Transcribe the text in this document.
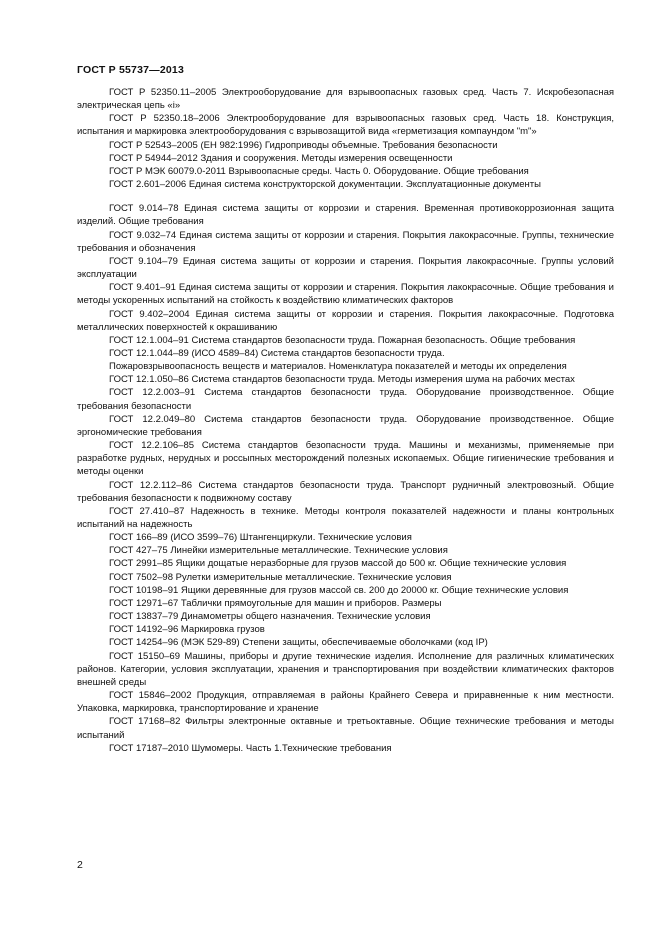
ГОСТ Р 55737—2013

ГОСТ Р 52350.11–2005 Электрооборудование для взрывоопасных газовых сред. Часть 7. Искробезопасная электрическая цепь «i»

ГОСТ Р 52350.18–2006 Электрооборудование для взрывоопасных газовых сред. Часть 18. Конструкция, испытания и маркировка электрооборудования с взрывозащитой вида «герметизация компаундом "m"»

ГОСТ Р 52543–2005 (ЕН 982:1996) Гидроприводы объемные. Требования безопасности

ГОСТ Р 54944–2012 Здания и сооружения. Методы измерения освещенности

ГОСТ Р МЭК 60079.0-2011 Взрывоопасные среды. Часть 0. Оборудование. Общие требования

ГОСТ 2.601–2006 Единая система конструкторской документации. Эксплуатационные документы

ГОСТ 9.014–78 Единая система защиты от коррозии и старения. Временная противокоррозионная защита изделий. Общие требования

ГОСТ 9.032–74 Единая система защиты от коррозии и старения. Покрытия лакокрасочные. Группы, технические требования и обозначения

ГОСТ 9.104–79 Единая система защиты от коррозии и старения. Покрытия лакокрасочные. Группы условий эксплуатации

ГОСТ 9.401–91 Единая система защиты от коррозии и старения. Покрытия лакокрасочные. Общие требования и методы ускоренных испытаний на стойкость к воздействию климатических факторов

ГОСТ 9.402–2004 Единая система защиты от коррозии и старения. Покрытия лакокрасочные. Подготовка металлических поверхностей к окрашиванию

ГОСТ 12.1.004–91 Система стандартов безопасности труда. Пожарная безопасность. Общие требования

ГОСТ 12.1.044–89 (ИСО 4589–84) Система стандартов безопасности труда.

Пожаровзрывоопасность веществ и материалов. Номенклатура показателей и методы их определения

ГОСТ 12.1.050–86 Система стандартов безопасности труда. Методы измерения шума на рабочих местах

ГОСТ 12.2.003–91 Система стандартов безопасности труда. Оборудование производственное. Общие требования безопасности

ГОСТ 12.2.049–80 Система стандартов безопасности труда. Оборудование производственное. Общие эргономические требования

ГОСТ 12.2.106–85 Система стандартов безопасности труда. Машины и механизмы, применяемые при разработке рудных, нерудных и россыпных месторождений полезных ископаемых. Общие гигиенические требования и методы оценки

ГОСТ 12.2.112–86 Система стандартов безопасности труда. Транспорт рудничный электровозный. Общие требования безопасности к подвижному составу

ГОСТ 27.410–87 Надежность в технике. Методы контроля показателей надежности и планы контрольных испытаний на надежность

ГОСТ 166–89 (ИСО 3599–76) Штангенциркули. Технические условия

ГОСТ 427–75 Линейки измерительные металлические. Технические условия

ГОСТ 2991–85 Ящики дощатые неразборные для грузов массой до 500 кг. Общие технические условия

ГОСТ 7502–98 Рулетки измерительные металлические. Технические условия

ГОСТ 10198–91 Ящики деревянные для грузов массой св. 200 до 20000 кг. Общие технические условия

ГОСТ 12971–67 Таблички прямоугольные для машин и приборов. Размеры

ГОСТ 13837–79 Динамометры общего назначения. Технические условия

ГОСТ 14192–96 Маркировка грузов

ГОСТ 14254–96 (МЭК 529-89) Степени защиты, обеспечиваемые оболочками (код IP)

ГОСТ 15150–69 Машины, приборы и другие технические изделия. Исполнение для различных климатических районов. Категории, условия эксплуатации, хранения и транспортирования при воздействии климатических факторов внешней среды

ГОСТ 15846–2002 Продукция, отправляемая в районы Крайнего Севера и приравненные к ним местности. Упаковка, маркировка, транспортирование и хранение

ГОСТ 17168–82 Фильтры электронные октавные и третьоктавные. Общие технические требования и методы испытаний

ГОСТ 17187–2010 Шумомеры. Часть 1.Технические требования

2
